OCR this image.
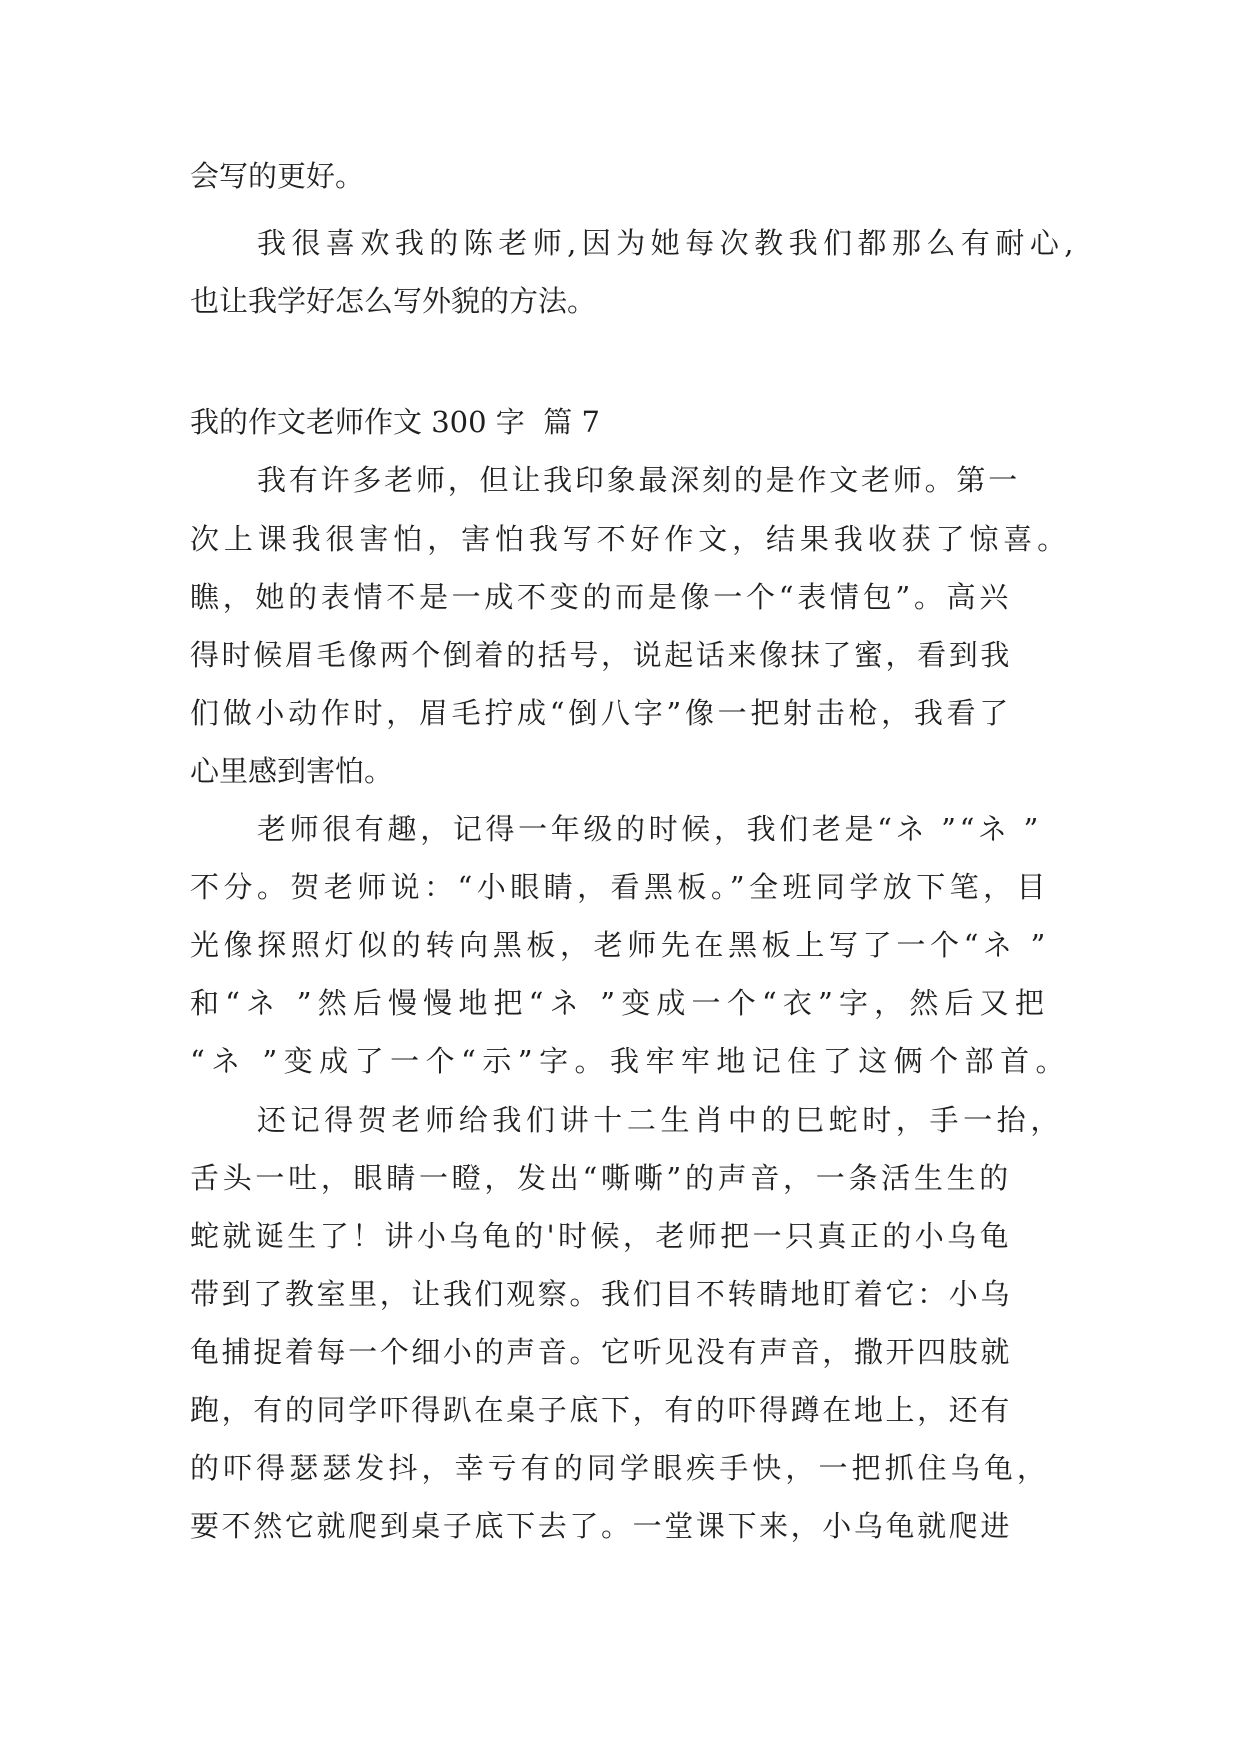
会写的更好。
我很喜欢我的陈老师,因为她每次教我们都那么有耐心,
也让我学好怎么写外貌的方法。
我的作文老师作文 300 字  篇 7
我有许多老师，但让我印象最深刻的是作文老师。第一
次上课我很害怕，害怕我写不好作文，结果我收获了惊喜。
瞧，她的表情不是一成不变的而是像一个“表情包”。高兴
得时候眉毛像两个倒着的括号，说起话来像抹了蜜，看到我
们做小动作时，眉毛拧成“倒八字”像一把射击枪，我看了
心里感到害怕。
老师很有趣，记得一年级的时候，我们老是“ネ ”“ネ ”
不分。贺老师说：“小眼睛，看黑板。”全班同学放下笔，目
光像探照灯似的转向黑板，老师先在黑板上写了一个“ネ ”
和“ネ ”然后慢慢地把“ネ ”变成一个“衣”字，然后又把
“ネ ”变成了一个“示”字。我牢牢地记住了这俩个部首。
还记得贺老师给我们讲十二生肖中的巳蛇时，手一抬，
舌头一吐，眼睛一瞪，发出“嘶嘶”的声音，一条活生生的
蛇就诞生了！讲小乌龟的'时候，老师把一只真正的小乌龟
带到了教室里，让我们观察。我们目不转睛地盯着它：小乌
龟捕捉着每一个细小的声音。它听见没有声音，撒开四肢就
跑，有的同学吓得趴在桌子底下，有的吓得蹲在地上，还有
的吓得瑟瑟发抖，幸亏有的同学眼疾手快，一把抓住乌龟，
要不然它就爬到桌子底下去了。一堂课下来，小乌龟就爬进
